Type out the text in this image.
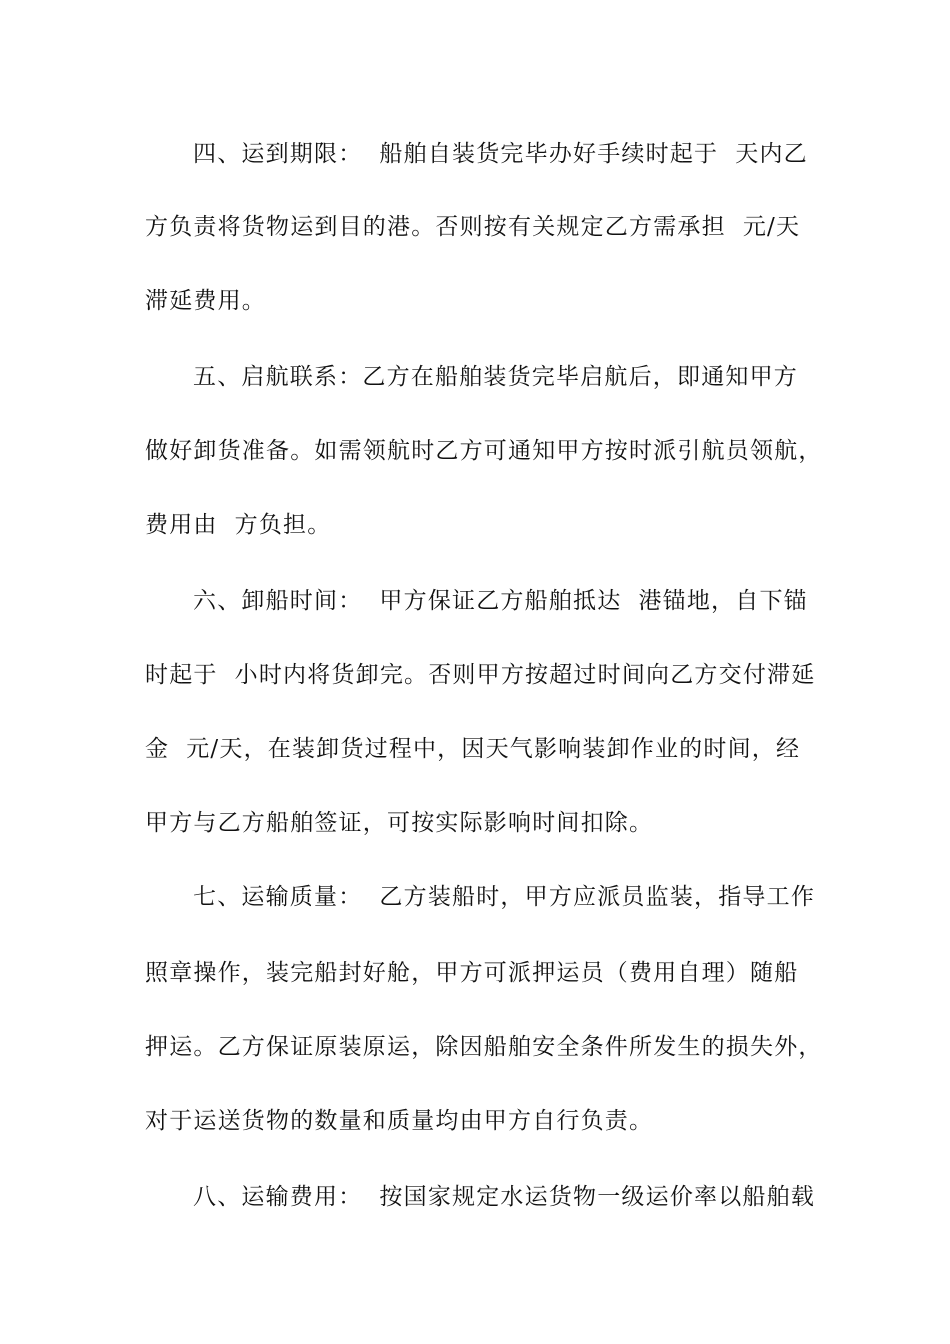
四、运到期限：  船舶自装货完毕办好手续时起于  天内乙
方负责将货物运到目的港。否则按有关规定乙方需承担  元/天
滞延费用。
五、启航联系：乙方在船舶装货完毕启航后，即通知甲方
做好卸货准备。如需领航时乙方可通知甲方按时派引航员领航，
费用由  方负担。
六、卸船时间：  甲方保证乙方船舶抵达  港锚地，自下锚
时起于  小时内将货卸完。否则甲方按超过时间向乙方交付滞延
金  元/天，在装卸货过程中，因天气影响装卸作业的时间，经
甲方与乙方船舶签证，可按实际影响时间扣除。
七、运输质量：  乙方装船时，甲方应派员监装，指导工作
照章操作，装完船封好舱，甲方可派押运员（费用自理）随船
押运。乙方保证原装原运，除因船舶安全条件所发生的损失外，
对于运送货物的数量和质量均由甲方自行负责。
八、运输费用：  按国家规定水运货物一级运价率以船舶载
